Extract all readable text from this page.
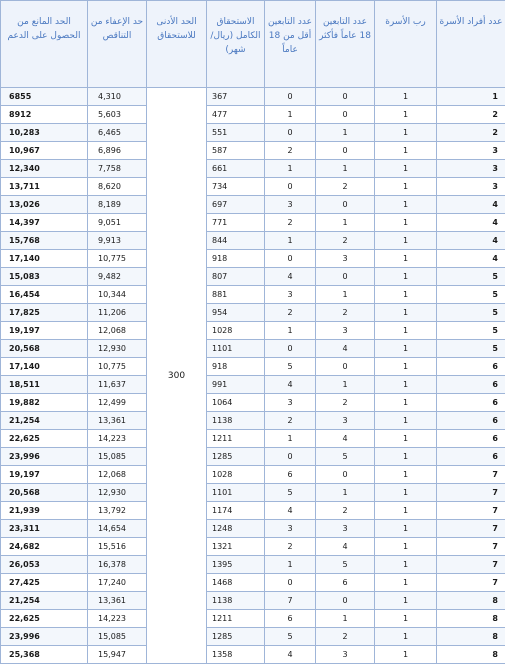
عدد أفراد الأسرة	رب الأسرة	عدد التابعين 18 عاماً فأكثر	عدد التابعين أقل من 18 عاماً	الاستحقاق الكامل (ريال/شهر)	الحد الأدنى للاستحقاق	حد الإعفاء من التناقص	الحد المانع من الحصول على الدعم
1	1	0	0	367	300	4,310	6855
2	1	0	1	477		5,603	8912
2	1	1	0	551		6,465	10,283
3	1	0	2	587		6,896	10,967
3	1	1	1	661		7,758	12,340
3	1	2	0	734		8,620	13,711
4	1	0	3	697		8,189	13,026
4	1	1	2	771		9,051	14,397
4	1	2	1	844		9,913	15,768
4	1	3	0	918		10,775	17,140
5	1	0	4	807		9,482	15,083
5	1	1	3	881		10,344	16,454
5	1	2	2	954		11,206	17,825
5	1	3	1	1028		12,068	19,197
5	1	4	0	1101		12,930	20,568
6	1	0	5	918		10,775	17,140
6	1	1	4	991		11,637	18,511
6	1	2	3	1064		12,499	19,882
6	1	3	2	1138		13,361	21,254
6	1	4	1	1211		14,223	22,625
6	1	5	0	1285		15,085	23,996
7	1	0	6	1028		12,068	19,197
7	1	1	5	1101		12,930	20,568
7	1	2	4	1174		13,792	21,939
7	1	3	3	1248		14,654	23,311
7	1	4	2	1321		15,516	24,682
7	1	5	1	1395		16,378	26,053
7	1	6	0	1468		17,240	27,425
8	1	0	7	1138		13,361	21,254
8	1	1	6	1211		14,223	22,625
8	1	2	5	1285		15,085	23,996
8	1	3	4	1358		15,947	25,368
